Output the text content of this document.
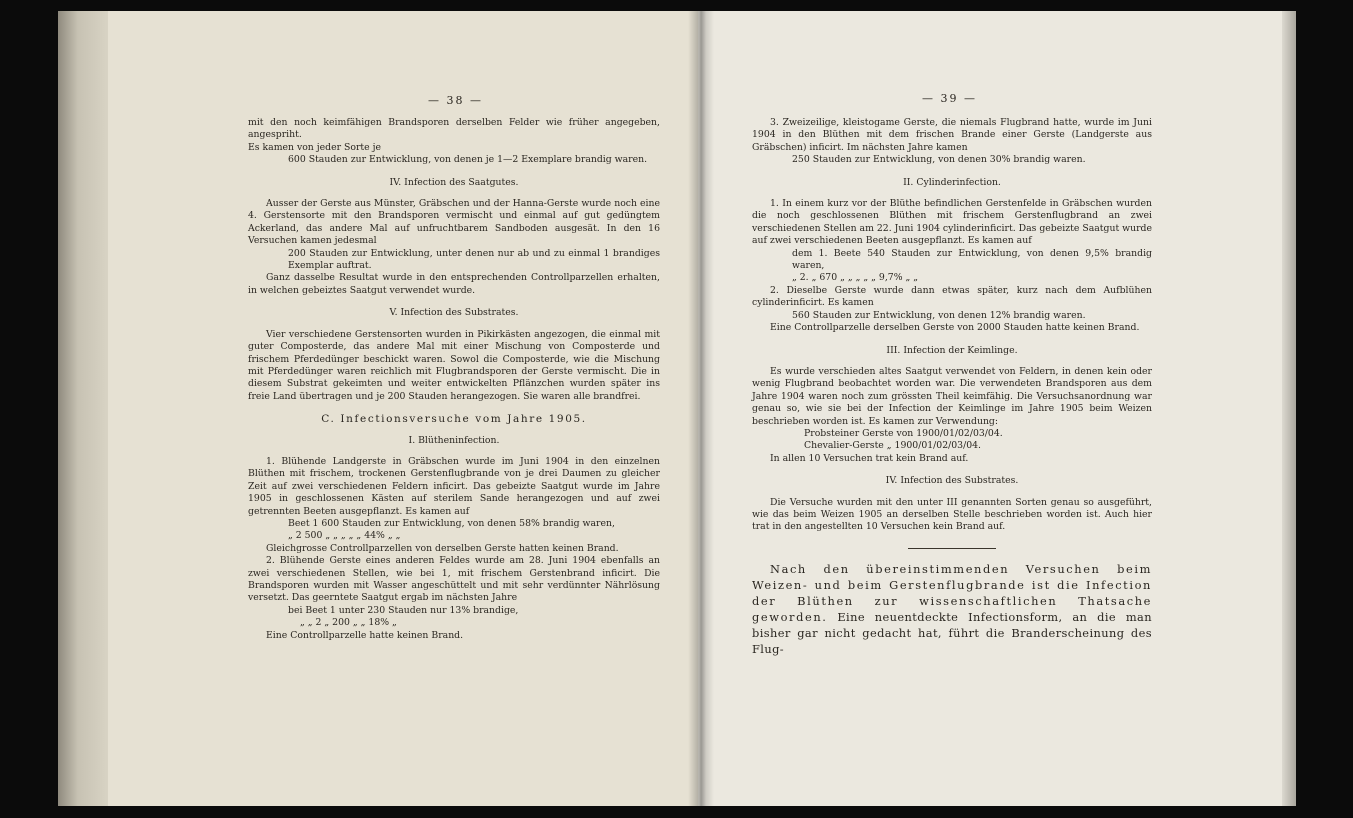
— 38 —

mit den noch keimfähigen Brandsporen derselben Felder wie früher angegeben, angespriht.

Es kamen von jeder Sorte je

600 Stauden zur Entwicklung, von denen je 1—2 Exemplare brandig waren.

IV. Infection des Saatgutes.

Ausser der Gerste aus Münster, Gräbschen und der Hanna-Gerste wurde noch eine 4. Gerstensorte mit den Brandsporen vermischt und einmal auf gut gedüngtem Ackerland, das andere Mal auf unfruchtbarem Sandboden ausgesät. In den 16 Versuchen kamen jedesmal

200 Stauden zur Entwicklung, unter denen nur ab und zu einmal 1 brandiges Exemplar auftrat.

Ganz dasselbe Resultat wurde in den entsprechenden Controllparzellen erhalten, in welchen gebeiztes Saatgut verwendet wurde.

V. Infection des Substrates.

Vier verschiedene Gerstensorten wurden in Pikirkästen angezogen, die einmal mit guter Composterde, das andere Mal mit einer Mischung von Composterde und frischem Pferdedünger beschickt waren. Sowol die Composterde, wie die Mischung mit Pferdedünger waren reichlich mit Flugbrandsporen der Gerste vermischt. Die in diesem Substrat gekeimten und weiter entwickelten Pflänzchen wurden später ins freie Land übertragen und je 200 Stauden herangezogen. Sie waren alle brandfrei.

C. Infectionsversuche vom Jahre 1905.

I. Blütheninfection.

1. Blühende Landgerste in Gräbschen wurde im Juni 1904 in den einzelnen Blüthen mit frischem, trockenen Gerstenflugbrande von je drei Daumen zu gleicher Zeit auf zwei verschiedenen Feldern inficirt. Das gebeizte Saatgut wurde im Jahre 1905 in geschlossenen Kästen auf sterilem Sande herangezogen und auf zwei getrennten Beeten ausgepflanzt. Es kamen auf

Beet 1 600 Stauden zur Entwicklung, von denen 58% brandig waren,

„ 2 500 „ „ „ „ „ 44% „ „

Gleichgrosse Controllparzellen von derselben Gerste hatten keinen Brand.

2. Blühende Gerste eines anderen Feldes wurde am 28. Juni 1904 ebenfalls an zwei verschiedenen Stellen, wie bei 1, mit frischem Gerstenbrand inficirt. Die Brandsporen wurden mit Wasser angeschüttelt und mit sehr verdünnter Nährlösung versetzt. Das geerntete Saatgut ergab im nächsten Jahre

bei Beet 1 unter 230 Stauden nur 13% brandige,

„ „ 2 „ 200 „ „ 18% „

Eine Controllparzelle hatte keinen Brand.

— 39 —

3. Zweizeilige, kleistogame Gerste, die niemals Flugbrand hatte, wurde im Juni 1904 in den Blüthen mit dem frischen Brande einer Gerste (Landgerste aus Gräbschen) inficirt. Im nächsten Jahre kamen

250 Stauden zur Entwicklung, von denen 30% brandig waren.

II. Cylinderinfection.

1. In einem kurz vor der Blüthe befindlichen Gerstenfelde in Gräbschen wurden die noch geschlossenen Blüthen mit frischem Gerstenflugbrand an zwei verschiedenen Stellen am 22. Juni 1904 cylinderinficirt. Das gebeizte Saatgut wurde auf zwei verschiedenen Beeten ausgepflanzt. Es kamen auf

dem 1. Beete 540 Stauden zur Entwicklung, von denen 9,5% brandig waren,

„ 2. „ 670 „ „ „ „ „ 9,7% „ „

2. Dieselbe Gerste wurde dann etwas später, kurz nach dem Aufblühen cylinderinficirt. Es kamen

560 Stauden zur Entwicklung, von denen 12% brandig waren.

Eine Controllparzelle derselben Gerste von 2000 Stauden hatte keinen Brand.

III. Infection der Keimlinge.

Es wurde verschieden altes Saatgut verwendet von Feldern, in denen kein oder wenig Flugbrand beobachtet worden war. Die verwendeten Brandsporen aus dem Jahre 1904 waren noch zum grössten Theil keimfähig. Die Versuchsanordnung war genau so, wie sie bei der Infection der Keimlinge im Jahre 1905 beim Weizen beschrieben worden ist. Es kamen zur Verwendung:

Probsteiner Gerste von 1900/01/02/03/04.

Chevalier-Gerste „ 1900/01/02/03/04.

In allen 10 Versuchen trat kein Brand auf.

IV. Infection des Substrates.

Die Versuche wurden mit den unter III genannten Sorten genau so ausgeführt, wie das beim Weizen 1905 an derselben Stelle beschrieben worden ist. Auch hier trat in den angestellten 10 Versuchen kein Brand auf.

Nach den übereinstimmenden Versuchen beim Weizen- und beim Gerstenflugbrande ist die Infection der Blüthen zur wissenschaftlichen Thatsache geworden. Eine neuentdeckte Infectionsform, an die man bisher gar nicht gedacht hat, führt die Branderscheinung des Flug-
